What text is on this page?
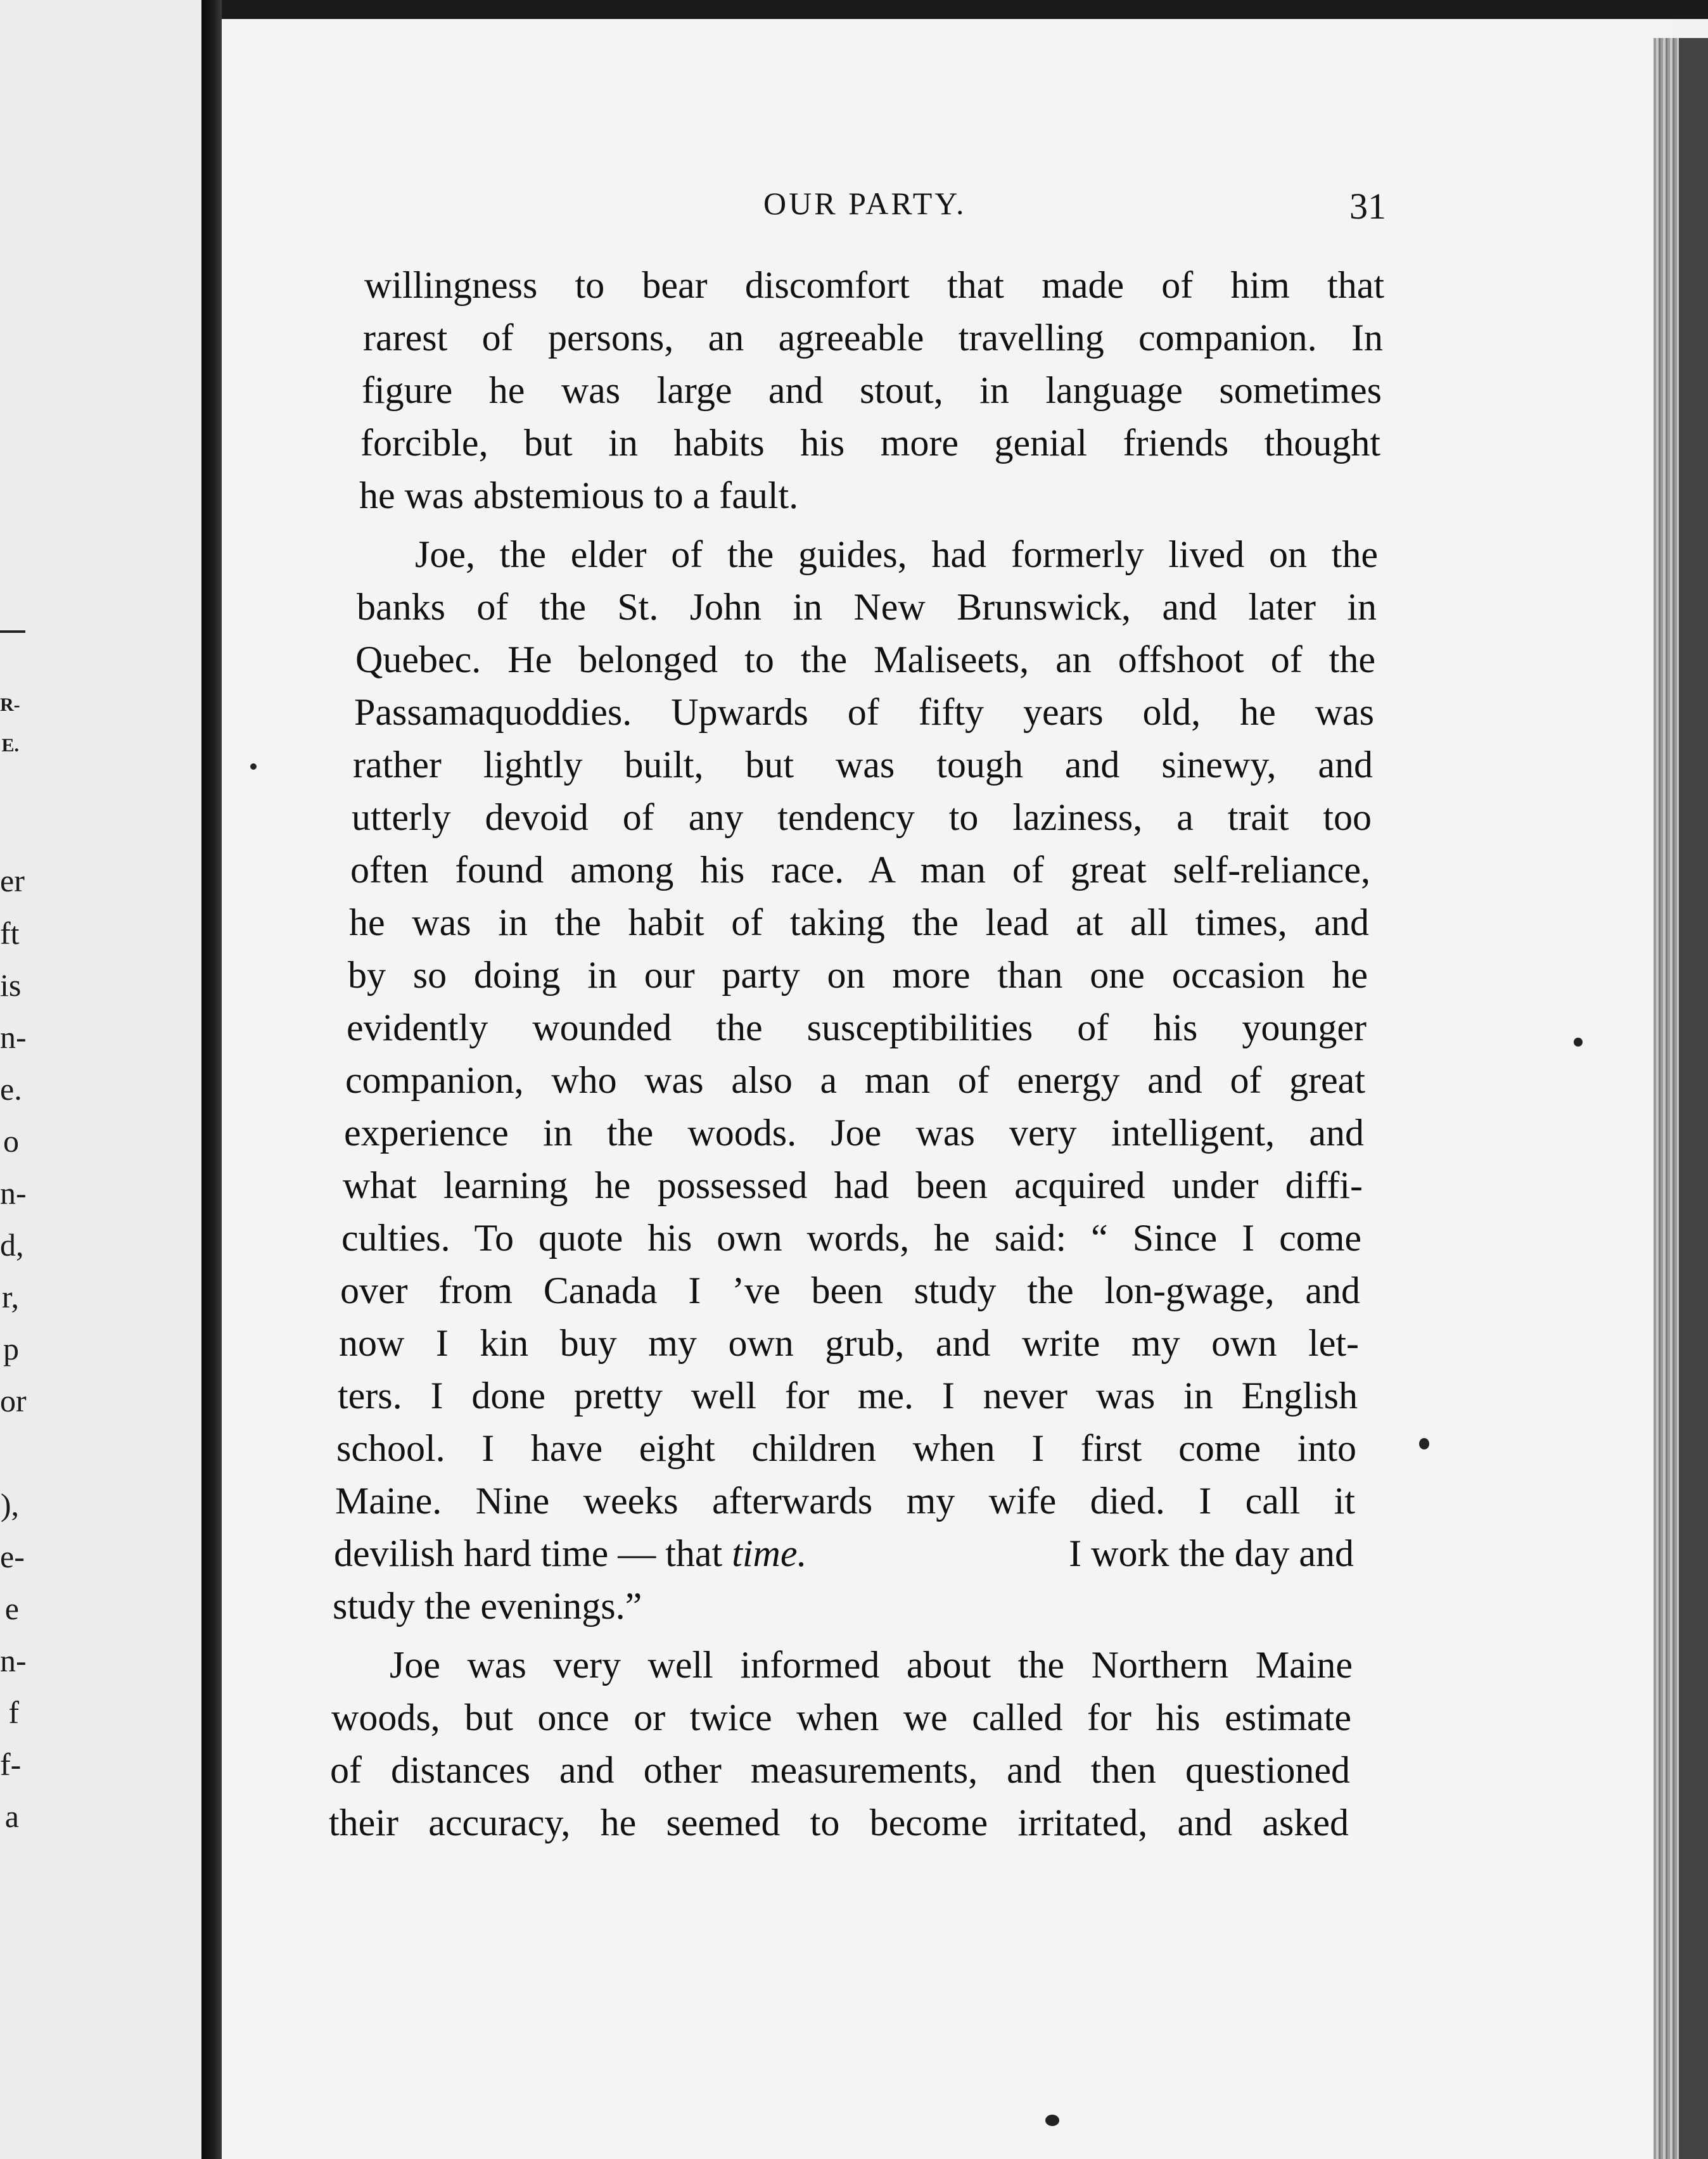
R-
E.
er
ft
is
n-
e.
o
n-
d,
r,
p
or
),
e-
e
n-
f
f-
a
OUR PARTY.	31
willingness to bear discomfort that made of him that
rarest of persons, an agreeable travelling companion. In
figure he was large and stout, in language sometimes
forcible, but in habits his more genial friends thought
he was abstemious to a fault.
Joe, the elder of the guides, had formerly lived on the
banks of the St. John in New Brunswick, and later in
Quebec. He belonged to the Maliseets, an offshoot of the
Passamaquoddies. Upwards of fifty years old, he was
rather lightly built, but was tough and sinewy, and
utterly devoid of any tendency to laziness, a trait too
often found among his race. A man of great self-reliance,
he was in the habit of taking the lead at all times, and
by so doing in our party on more than one occasion he
evidently wounded the susceptibilities of his younger
companion, who was also a man of energy and of great
experience in the woods. Joe was very intelligent, and
what learning he possessed had been acquired under diffi-
culties. To quote his own words, he said: “ Since I come
over from Canada I ’ve been study the lon-gwage, and
now I kin buy my own grub, and write my own let-
ters. I done pretty well for me. I never was in English
school. I have eight children when I first come into
Maine. Nine weeks afterwards my wife died. I call it
devilish hard time — that time.	I work the day and
study the evenings.”
Joe was very well informed about the Northern Maine
woods, but once or twice when we called for his estimate
of distances and other measurements, and then questioned
their accuracy, he seemed to become irritated, and asked
